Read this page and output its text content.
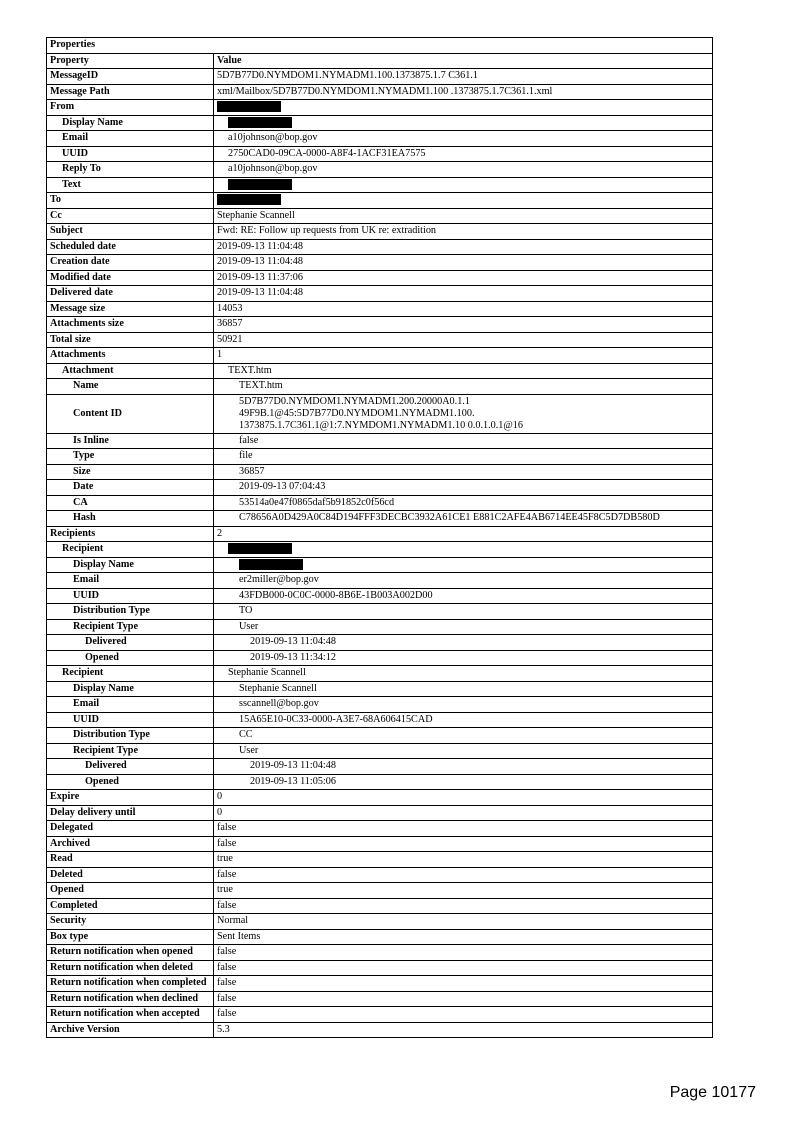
Properties	
Property	Value
MessageID	5D7B77D0.NYMDOM1.NYMADM1.100.1373875.1.7 C361.1
Message Path	xml/Mailbox/5D7B77D0.NYMDOM1.NYMADM1.100 .1373875.1.7C361.1.xml
From	
Display Name	
Email	a10johnson@bop.gov
UUID	2750CAD0-09CA-0000-A8F4-1ACF31EA7575
Reply To	a10johnson@bop.gov
Text	
To	
Cc	Stephanie Scannell
Subject	Fwd: RE: Follow up requests from UK re: extradition
Scheduled date	2019-09-13 11:04:48
Creation date	2019-09-13 11:04:48
Modified date	2019-09-13 11:37:06
Delivered date	2019-09-13 11:04:48
Message size	14053
Attachments size	36857
Total size	50921
Attachments	1
Attachment	TEXT.htm
Name	TEXT.htm
Content ID	5D7B77D0.NYMDOM1.NYMADM1.200.20000A0.1.1
49F9B.1@45:5D7B77D0.NYMDOM1.NYMADM1.100.
1373875.1.7C361.1@1:7.NYMDOM1.NYMADM1.10 0.0.1.0.1@16
Is Inline	false
Type	file
Size	36857
Date	2019-09-13 07:04:43
CA	53514a0e47f0865daf5b91852c0f56cd
Hash	C78656A0D429A0C84D194FFF3DECBC3932A61CE1 E881C2AFE4AB6714EE45F8C5D7DB580D
Recipients	2
Recipient	
Display Name	
Email	er2miller@bop.gov
UUID	43FDB000-0C0C-0000-8B6E-1B003A002D00
Distribution Type	TO
Recipient Type	User
Delivered	2019-09-13 11:04:48
Opened	2019-09-13 11:34:12
Recipient	Stephanie Scannell
Display Name	Stephanie Scannell
Email	sscannell@bop.gov
UUID	15A65E10-0C33-0000-A3E7-68A606415CAD
Distribution Type	CC
Recipient Type	User
Delivered	2019-09-13 11:04:48
Opened	2019-09-13 11:05:06
Expire	0
Delay delivery until	0
Delegated	false
Archived	false
Read	true
Deleted	false
Opened	true
Completed	false
Security	Normal
Box type	Sent Items
Return notification when opened	false
Return notification when deleted	false
Return notification when completed	false
Return notification when declined	false
Return notification when accepted	false
Archive Version	5.3
Page 10177
